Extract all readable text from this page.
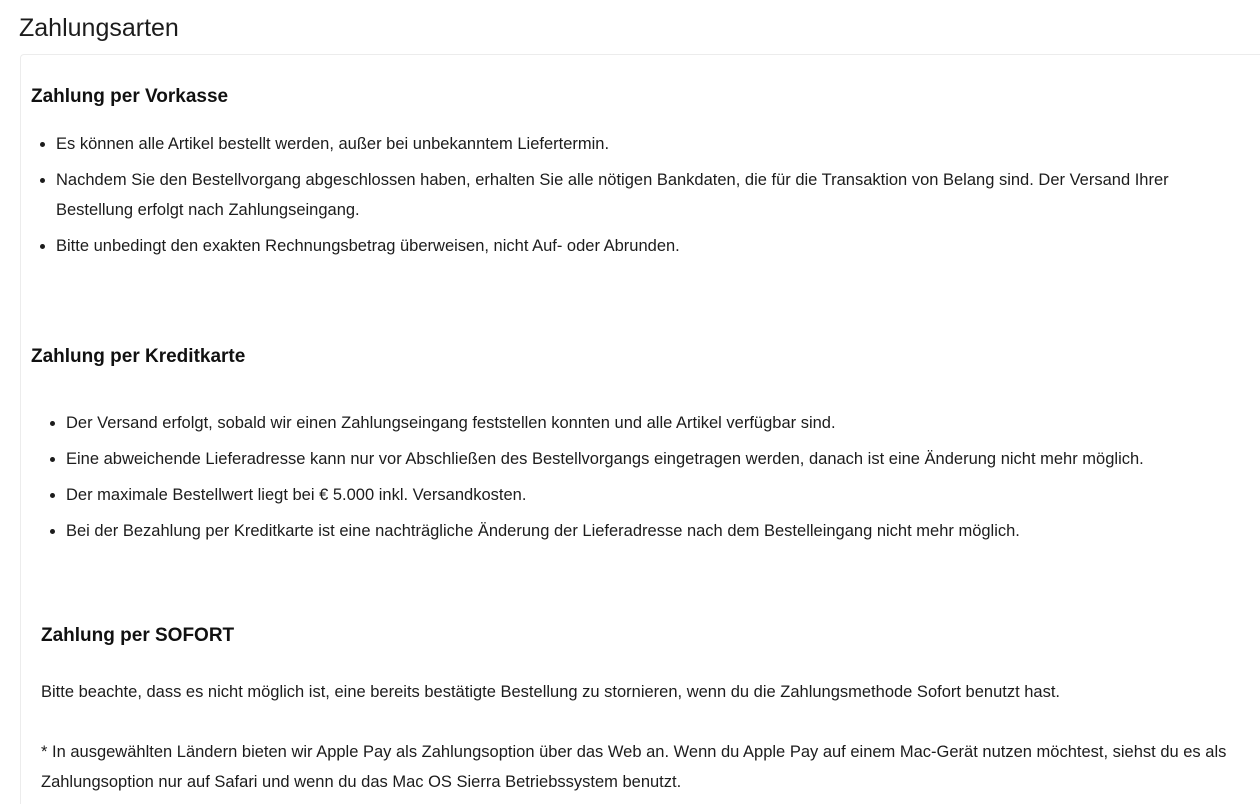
Zahlungsarten
Zahlung per Vorkasse
Es können alle Artikel bestellt werden, außer bei unbekanntem Liefertermin.
Nachdem Sie den Bestellvorgang abgeschlossen haben, erhalten Sie alle nötigen Bankdaten, die für die Transaktion von Belang sind. Der Versand Ihrer Bestellung erfolgt nach Zahlungseingang.
Bitte unbedingt den exakten Rechnungsbetrag überweisen, nicht Auf- oder Abrunden.
Zahlung per Kreditkarte
Der Versand erfolgt, sobald wir einen Zahlungseingang feststellen konnten und alle Artikel verfügbar sind.
Eine abweichende Lieferadresse kann nur vor Abschließen des Bestellvorgangs eingetragen werden, danach ist eine Änderung nicht mehr möglich.
Der maximale Bestellwert liegt bei € 5.000 inkl. Versandkosten.
Bei der Bezahlung per Kreditkarte ist eine nachträgliche Änderung der Lieferadresse nach dem Bestelleingang nicht mehr möglich.
Zahlung per SOFORT

Bitte beachte, dass es nicht möglich ist, eine bereits bestätigte Bestellung zu stornieren, wenn du die Zahlungsmethode Sofort benutzt hast.

* In ausgewählten Ländern bieten wir Apple Pay als Zahlungsoption über das Web an. Wenn du Apple Pay auf einem Mac-Gerät nutzen möchtest, siehst du es als Zahlungsoption nur auf Safari und wenn du das Mac OS Sierra Betriebssystem benutzt.
